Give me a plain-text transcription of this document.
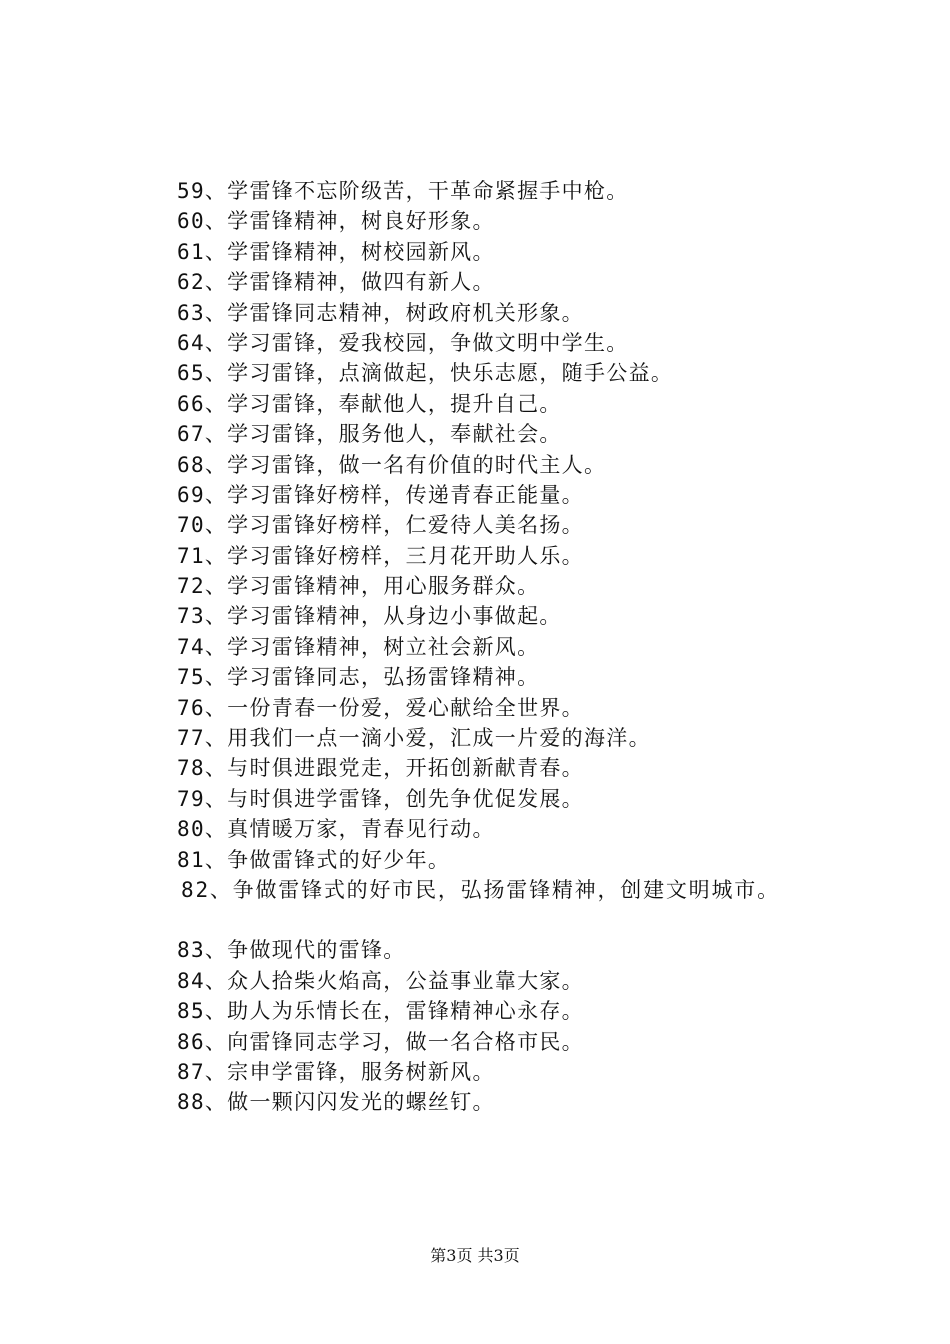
59、学雷锋不忘阶级苦，干革命紧握手中枪。
60、学雷锋精神，树良好形象。
61、学雷锋精神，树校园新风。
62、学雷锋精神，做四有新人。
63、学雷锋同志精神，树政府机关形象。
64、学习雷锋，爱我校园，争做文明中学生。
65、学习雷锋，点滴做起，快乐志愿，随手公益。
66、学习雷锋，奉献他人，提升自己。
67、学习雷锋，服务他人，奉献社会。
68、学习雷锋，做一名有价值的时代主人。
69、学习雷锋好榜样，传递青春正能量。
70、学习雷锋好榜样，仁爱待人美名扬。
71、学习雷锋好榜样，三月花开助人乐。
72、学习雷锋精神，用心服务群众。
73、学习雷锋精神，从身边小事做起。
74、学习雷锋精神，树立社会新风。
75、学习雷锋同志，弘扬雷锋精神。
76、一份青春一份爱，爱心献给全世界。
77、用我们一点一滴小爱，汇成一片爱的海洋。
78、与时俱进跟党走，开拓创新献青春。
79、与时俱进学雷锋，创先争优促发展。
80、真情暖万家，青春见行动。
81、争做雷锋式的好少年。
82、争做雷锋式的好市民，弘扬雷锋精神，创建文明城市。
83、争做现代的雷锋。
84、众人拾柴火焰高，公益事业靠大家。
85、助人为乐情长在，雷锋精神心永存。
86、向雷锋同志学习，做一名合格市民。
87、宗申学雷锋，服务树新风。
88、做一颗闪闪发光的螺丝钉。
第3页 共3页
